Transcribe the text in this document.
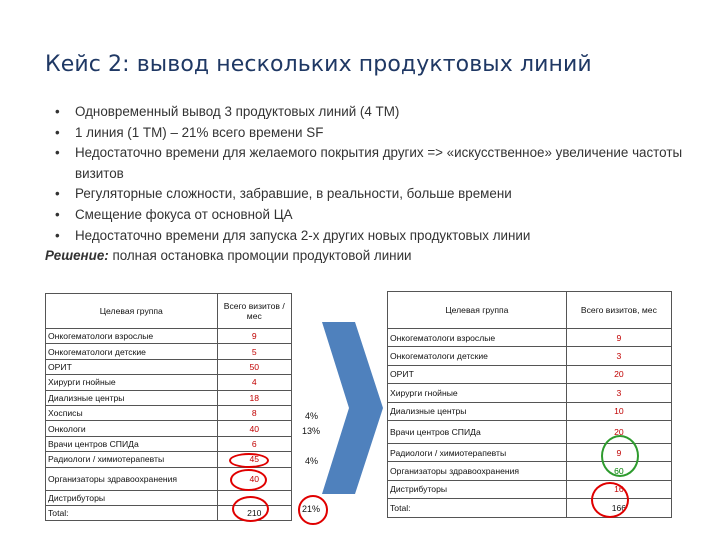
Кейс 2: вывод нескольких продуктовых линий
• Одновременный вывод 3 продуктовых линий (4 ТМ)
• 1 линия (1 ТМ) – 21% всего времени SF
• Недостаточно времени для желаемого покрытия других => «искусственное» увеличение частоты визитов
• Регуляторные сложности, забравшие, в реальности, больше времени
• Смещение фокуса от основной ЦА
• Недостаточно времени для запуска 2-х других новых продуктовых линии
Решение: полная остановка промоции продуктовой линии
Целевая группа	Всего визитов / мес
Онкогематологи взрослые	9
Онкогематологи детские	5
ОРИТ	50
Хирурги гнойные	4
Диализные центры	18
Хосписы	8
Онкологи	40
Врачи центров СПИДа	6
Радиологи / химиотерапевты	45
Организаторы здравоохранения	40
Дистрибуторы	
Total:	210
4%
13%
4%
21%
Целевая группа	Всего визитов, мес
Онкогематологи взрослые	9
Онкогематологи детские	3
ОРИТ	20
Хирурги гнойные	3
Диализные центры	10
Врачи центров СПИДа	20
Радиологи / химиотерапевты	9
Организаторы здравоохранения	60
Дистрибуторы	16
Total:	166
